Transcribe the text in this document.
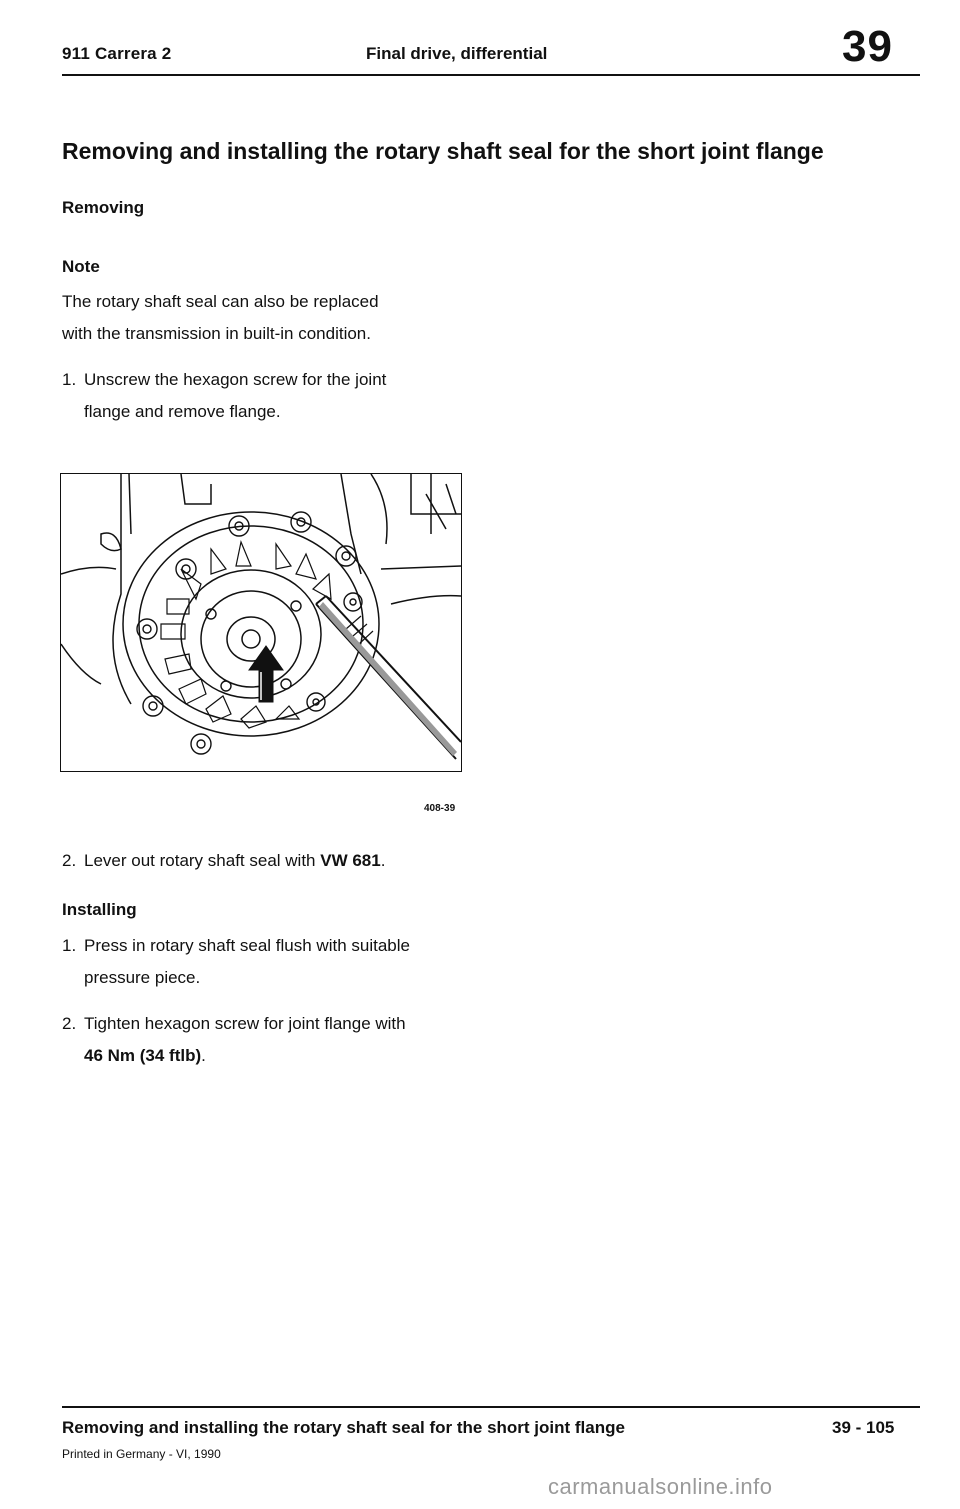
911 Carrera 2	Final drive, differential	39
Removing and installing the rotary shaft seal for the short joint flange
Removing
Note
The rotary shaft seal can also be replaced
with the transmission in built-in condition.
1. Unscrew the hexagon screw for the joint
flange and remove flange.
408-39
2. Lever out rotary shaft seal with VW 681.
Installing
1. Press in rotary shaft seal flush with suitable
pressure piece.
2. Tighten hexagon screw for joint flange with
46 Nm (34 ftlb).
Removing and installing the rotary shaft seal for the short joint flange	39 - 105
Printed in Germany - VI, 1990
carmanualsonline.info
